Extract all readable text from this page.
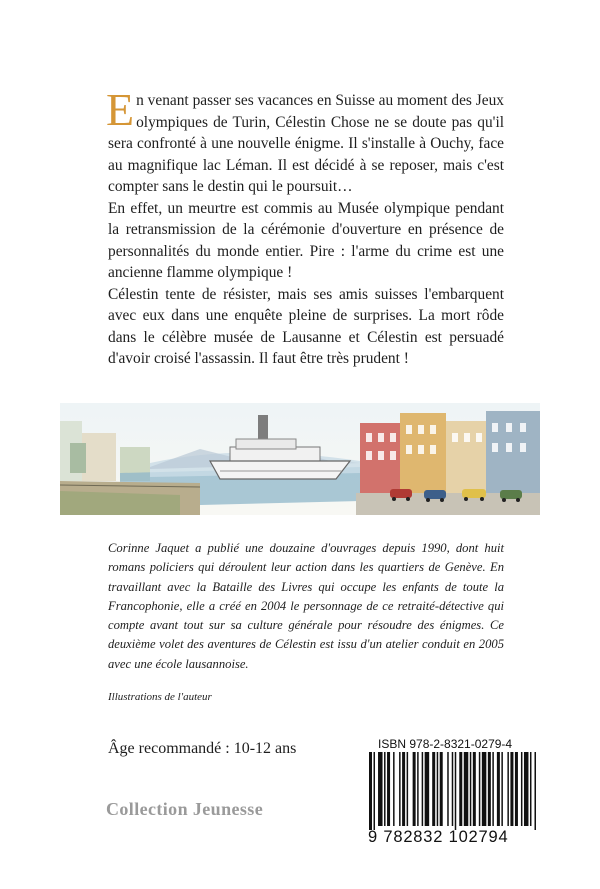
En venant passer ses vacances en Suisse au moment des Jeux olympiques de Turin, Célestin Chose ne se doute pas qu'il sera confronté à une nouvelle énigme. Il s'installe à Ouchy, face au magnifique lac Léman. Il est décidé à se reposer, mais c'est compter sans le destin qui le poursuit…

En effet, un meurtre est commis au Musée olympique pendant la retransmission de la cérémonie d'ouverture en présence de personnalités du monde entier. Pire : l'arme du crime est une ancienne flamme olympique !

Célestin tente de résister, mais ses amis suisses l'embarquent avec eux dans une enquête pleine de surprises. La mort rôde dans le célèbre musée de Lausanne et Célestin est persuadé d'avoir croisé l'assassin. Il faut être très prudent !

Corinne Jaquet a publié une douzaine d'ouvrages depuis 1990, dont huit romans policiers qui déroulent leur action dans les quartiers de Genève. En travaillant avec la Bataille des Livres qui occupe les enfants de toute la Francophonie, elle a créé en 2004 le personnage de ce retraité-détective qui compte avant tout sur sa culture générale pour résoudre des énigmes. Ce deuxième volet des aventures de Célestin est issu d'un atelier conduit en 2005 avec une école lausannoise.
Illustrations de l'auteur
Âge recommandé : 10-12 ans
Collection Jeunesse
ISBN 978-2-8321-0279-4
9 782832 102794
